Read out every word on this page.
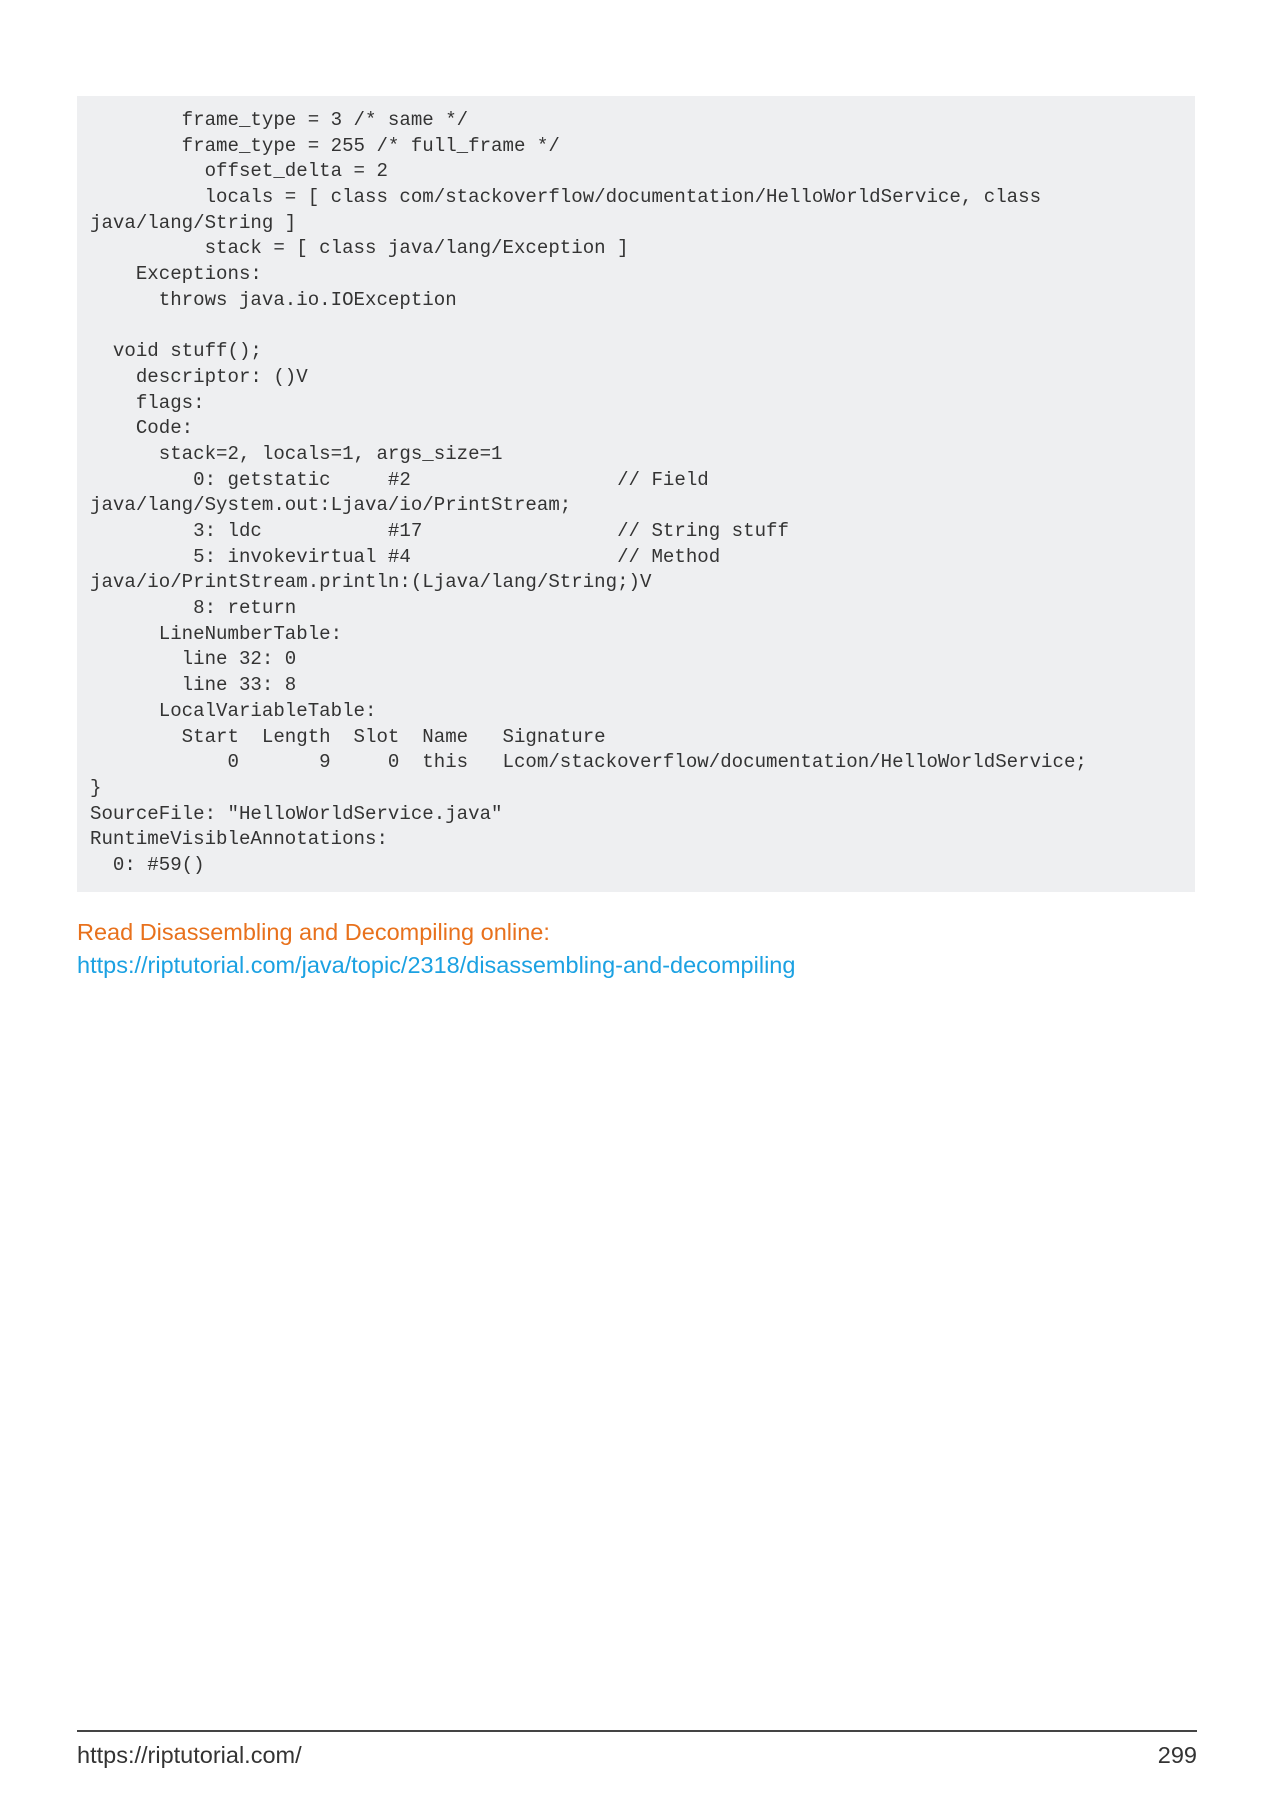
frame_type = 3 /* same */
frame_type = 255 /* full_frame */
offset_delta = 2
locals = [ class com/stackoverflow/documentation/HelloWorldService, class
java/lang/String ]
stack = [ class java/lang/Exception ]
Exceptions:
throws java.io.IOException
void stuff();
descriptor: ()V
flags:
Code:
stack=2, locals=1, args_size=1
0: getstatic     #2                  // Field
java/lang/System.out:Ljava/io/PrintStream;
3: ldc           #17                 // String stuff
5: invokevirtual #4                  // Method
java/io/PrintStream.println:(Ljava/lang/String;)V
8: return
LineNumberTable:
line 32: 0
line 33: 8
LocalVariableTable:
Start  Length  Slot  Name   Signature
0       9     0  this   Lcom/stackoverflow/documentation/HelloWorldService;
}
SourceFile: "HelloWorldService.java"
RuntimeVisibleAnnotations:
0: #59()
Read Disassembling and Decompiling online:
https://riptutorial.com/java/topic/2318/disassembling-and-decompiling
https://riptutorial.com/	299
